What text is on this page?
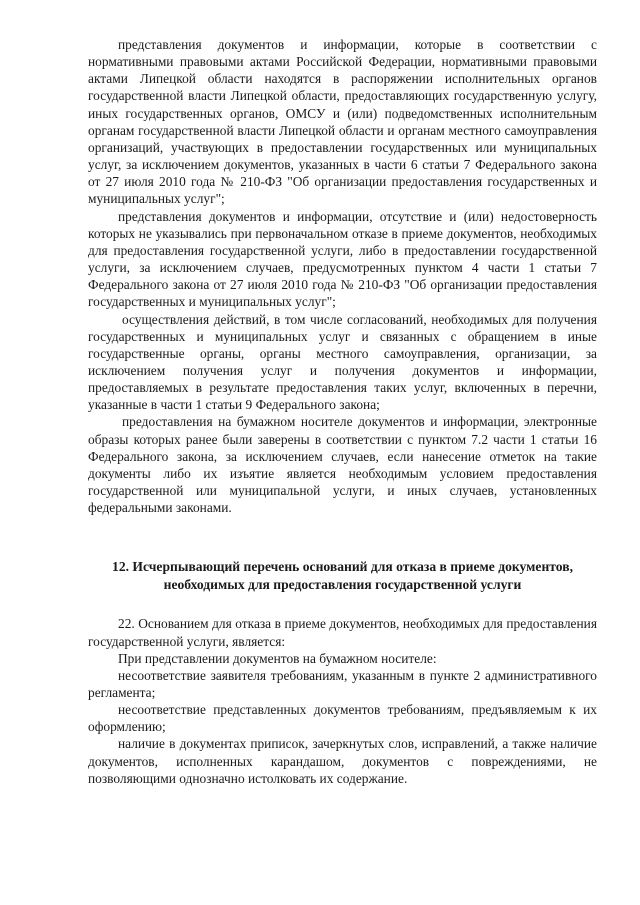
представления документов и информации, которые в соответствии с нормативными правовыми актами Российской Федерации, нормативными правовыми актами Липецкой области находятся в распоряжении исполнительных органов государственной власти Липецкой области, предоставляющих государственную услугу, иных государственных органов, ОМСУ и (или) подведомственных исполнительным органам государственной власти Липецкой области и органам местного самоуправления организаций, участвующих в предоставлении государственных или муниципальных услуг, за исключением документов, указанных в части 6 статьи 7 Федерального закона от 27 июля 2010 года № 210-ФЗ "Об организации предоставления государственных и муниципальных услуг";

представления документов и информации, отсутствие и (или) недостоверность которых не указывались при первоначальном отказе в приеме документов, необходимых для предоставления государственной услуги, либо в предоставлении государственной услуги, за исключением случаев, предусмотренных пунктом 4 части 1 статьи 7 Федерального закона от 27 июля 2010 года № 210-ФЗ "Об организации предоставления государственных и муниципальных услуг";

осуществления действий, в том числе согласований, необходимых для получения государственных и муниципальных услуг и связанных с обращением в иные государственные органы, органы местного самоуправления, организации, за исключением получения услуг и получения документов и информации, предоставляемых в результате предоставления таких услуг, включенных в перечни, указанные в части 1 статьи 9 Федерального закона;

предоставления на бумажном носителе документов и информации, электронные образы которых ранее были заверены в соответствии с пунктом 7.2 части 1 статьи 16 Федерального закона, за исключением случаев, если нанесение отметок на такие документы либо их изъятие является необходимым условием предоставления государственной или муниципальной услуги, и иных случаев, установленных федеральными законами.

12. Исчерпывающий перечень оснований для отказа в приеме документов, необходимых для предоставления государственной услуги

22. Основанием для отказа в приеме документов, необходимых для предоставления государственной услуги, является:

При представлении документов на бумажном носителе:

несоответствие заявителя требованиям, указанным в пункте 2 административного регламента;

несоответствие представленных документов требованиям, предъявляемым к их оформлению;

наличие в документах приписок, зачеркнутых слов, исправлений, а также наличие документов, исполненных карандашом, документов с повреждениями, не позволяющими однозначно истолковать их содержание.
